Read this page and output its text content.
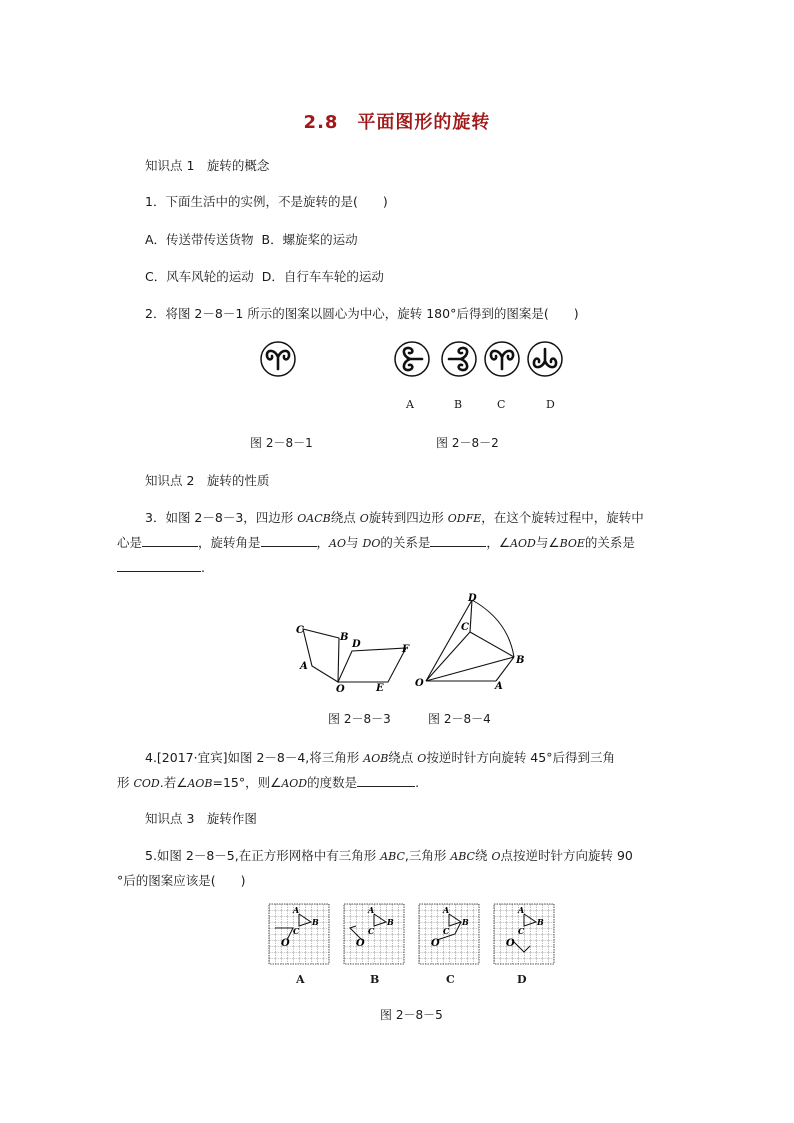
2.8　平面图形的旋转
知识点 1　旋转的概念
1．下面生活中的实例，不是旋转的是(　　)
A．传送带传送货物 B．螺旋桨的运动
C．风车风轮的运动 D．自行车车轮的运动
2．将图 2－8－1 所示的图案以圆心为中心，旋转 180°后得到的图案是(　　)
A	B	C	D
图 2－8－1	图 2－8－2
知识点 2　旋转的性质
3．如图 2－8－3，四边形 OACB绕点 O旋转到四边形 ODFE，在这个旋转过程中，旋转中
心是	，旋转角是	，AO与 DO的关系是	，∠AOD与∠BOE的关系是
.
C
B
D	F
A
O	E
D
C
B
O	A
图 2－8－3	图 2－8－4
4.[2017·宜宾]如图 2－8－4,将三角形 AOB绕点 O按逆时针方向旋转 45°后得到三角
形 COD.若∠AOB=15°，则∠AOD的度数是	.
知识点 3　旋转作图
5.如图 2－8－5,在正方形网格中有三角形 ABC,三角形 ABC绕 O点按逆时针方向旋转 90
°后的图案应该是(　　)
A
B
C
O
A
B
C
O
A
B
C
O
A
B
C
O
A	B	C	D
图 2－8－5
